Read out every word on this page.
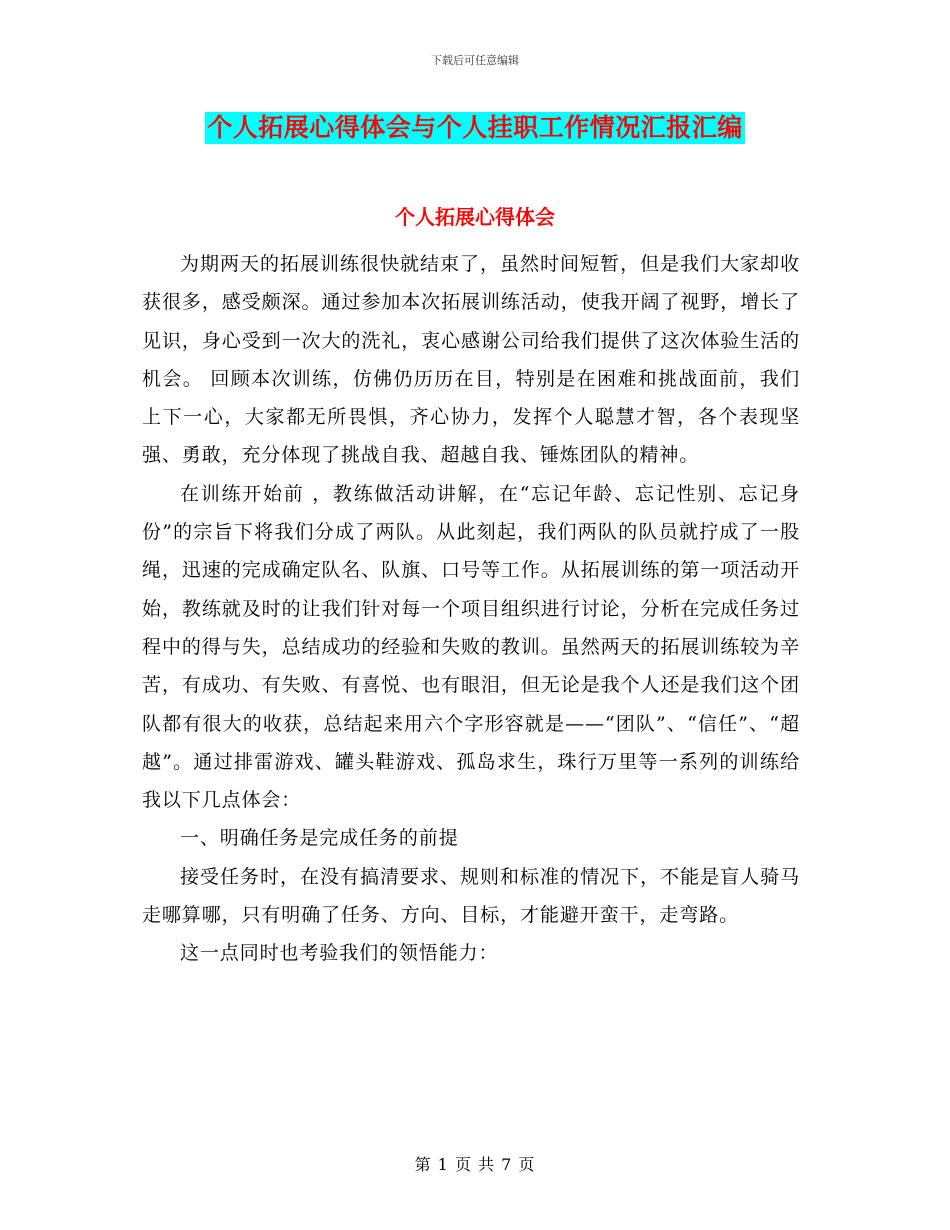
下载后可任意编辑
个人拓展心得体会与个人挂职工作情况汇报汇编
个人拓展心得体会

为期两天的拓展训练很快就结束了，虽然时间短暂，但是我们大家却收获很多，感受颇深。通过参加本次拓展训练活动，使我开阔了视野，增长了见识，身心受到一次大的洗礼，衷心感谢公司给我们提供了这次体验生活的机会。 回顾本次训练，仿佛仍历历在目，特别是在困难和挑战面前，我们上下一心，大家都无所畏惧，齐心协力，发挥个人聪慧才智，各个表现坚强、勇敢，充分体现了挑战自我、超越自我、锤炼团队的精神。

在训练开始前 ，教练做活动讲解，在“忘记年龄、忘记性别、忘记身份”的宗旨下将我们分成了两队。从此刻起，我们两队的队员就拧成了一股绳，迅速的完成确定队名、队旗、口号等工作。从拓展训练的第一项活动开始，教练就及时的让我们针对每一个项目组织进行讨论，分析在完成任务过程中的得与失，总结成功的经验和失败的教训。虽然两天的拓展训练较为辛苦，有成功、有失败、有喜悦、也有眼泪，但无论是我个人还是我们这个团队都有很大的收获，总结起来用六个字形容就是——“团队”、“信任”、“超越”。通过排雷游戏、罐头鞋游戏、孤岛求生，珠行万里等一系列的训练给我以下几点体会：

一、明确任务是完成任务的前提

接受任务时，在没有搞清要求、规则和标准的情况下，不能是盲人骑马走哪算哪，只有明确了任务、方向、目标，才能避开蛮干，走弯路。

这一点同时也考验我们的领悟能力：

第 1 页 共 7 页
